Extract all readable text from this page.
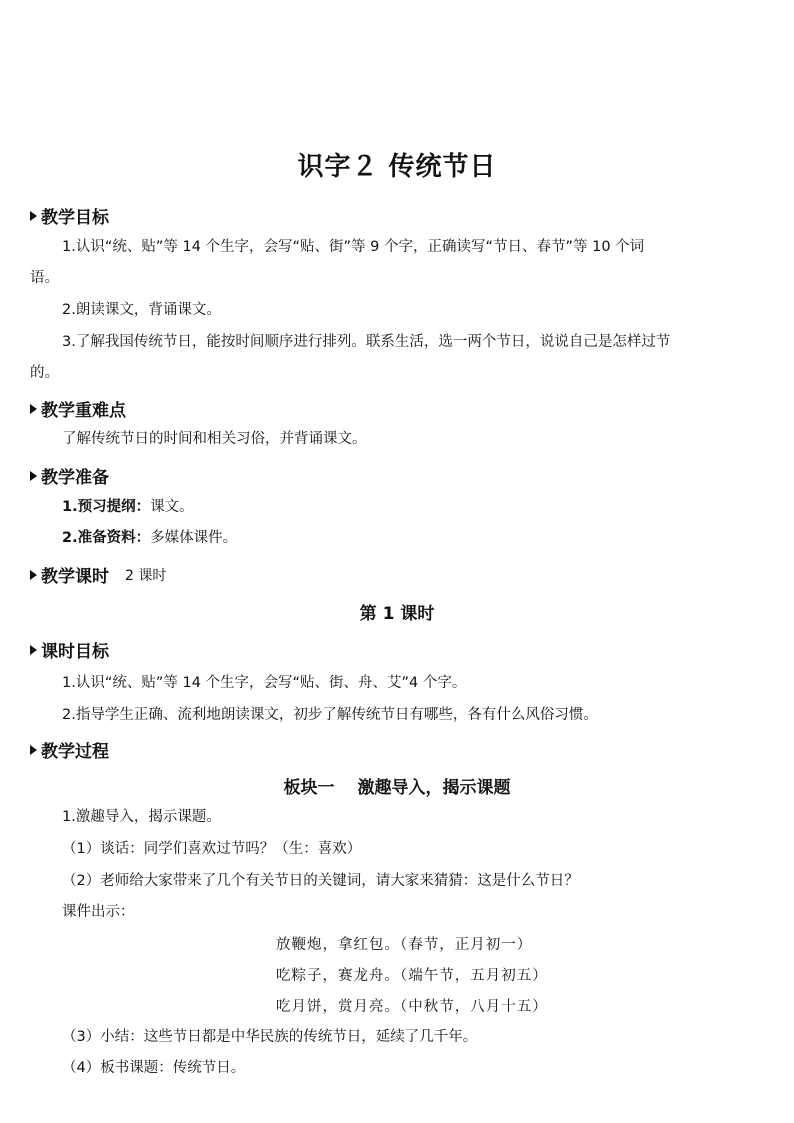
识字２ 传统节日
教学目标
1.认识“统、贴”等 14 个生字，会写“贴、街”等 9 个字，正确读写“节日、春节”等 10 个词
语。
2.朗读课文，背诵课文。
3.了解我国传统节日，能按时间顺序进行排列。联系生活，选一两个节日，说说自己是怎样过节
的。
教学重难点
了解传统节日的时间和相关习俗，并背诵课文。
教学准备
1.预习提纲：课文。
2.准备资料：多媒体课件。
教学课时 2 课时
第 1 课时
课时目标
1.认识“统、贴”等 14 个生字，会写“贴、街、舟、艾”4 个字。
2.指导学生正确、流利地朗读课文，初步了解传统节日有哪些，各有什么风俗习惯。
教学过程
板块一　 激趣导入，揭示课题
1.激趣导入，揭示课题。
（1）谈话：同学们喜欢过节吗？（生：喜欢）
（2）老师给大家带来了几个有关节日的关键词，请大家来猜猜：这是什么节日？
课件出示：
放鞭炮，拿红包。（春节，正月初一）
吃粽子，赛龙舟。（端午节，五月初五）
吃月饼，赏月亮。（中秋节，八月十五）
（3）小结：这些节日都是中华民族的传统节日，延续了几千年。
（4）板书课题：传统节日。
